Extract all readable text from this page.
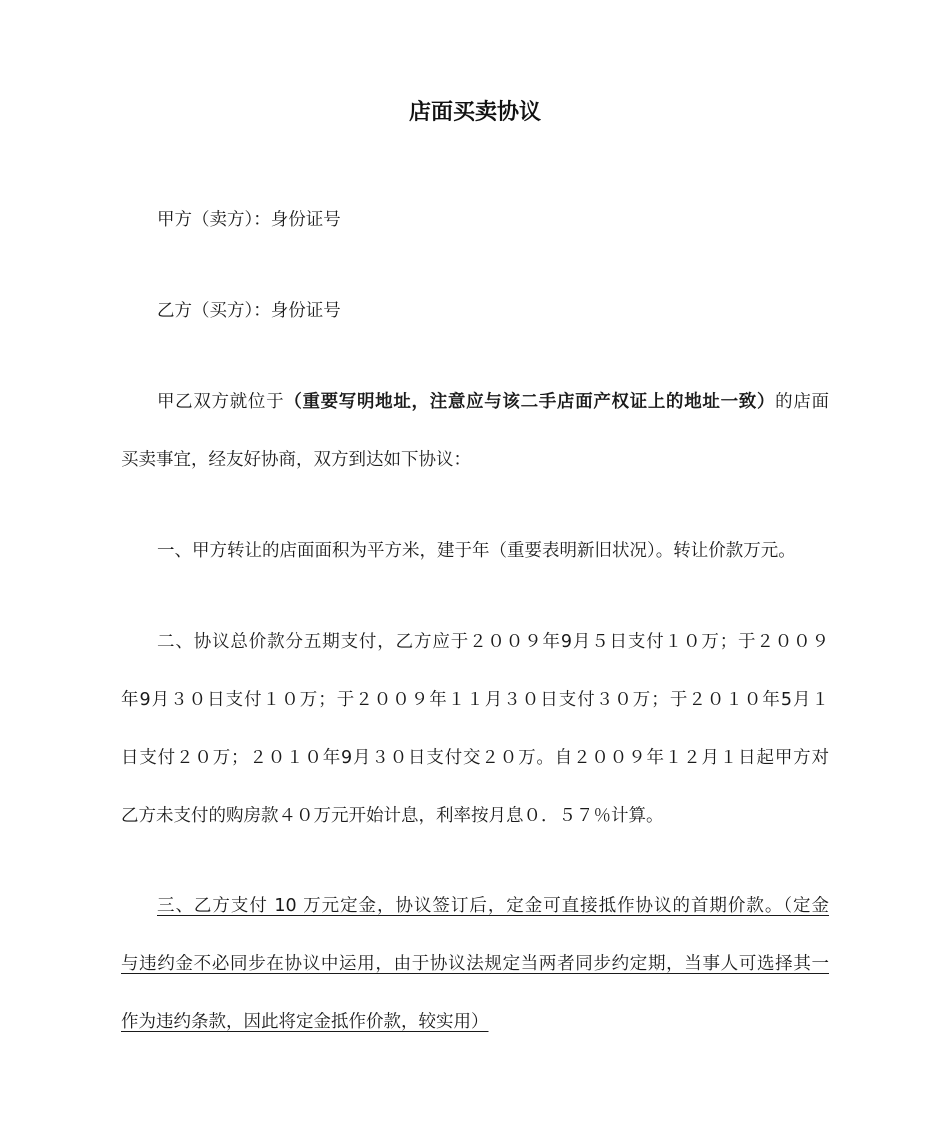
店面买卖协议
甲方（卖方）：身份证号
乙方（买方）：身份证号
甲乙双方就位于（重要写明地址，注意应与该二手店面产权证上的地址一致）的店面
买卖事宜，经友好协商，双方到达如下协议：
一、甲方转让的店面面积为平方米，建于年（重要表明新旧状况）。转让价款万元。
二、协议总价款分五期支付，乙方应于２００９年9月５日支付１０万；于２００９
年9月３０日支付１０万；于２００９年１１月３０日支付３０万；于２０１０年5月１
日支付２０万；２０１０年9月３０日支付交２０万。自２００９年１２月１日起甲方对
乙方未支付的购房款４０万元开始计息，利率按月息０．５７％计算。
三、乙方支付 10 万元定金，协议签订后，定金可直接抵作协议的首期价款。（定金
与违约金不必同步在协议中运用，由于协议法规定当两者同步约定期，当事人可选择其一
作为违约条款，因此将定金抵作价款，较实用）
